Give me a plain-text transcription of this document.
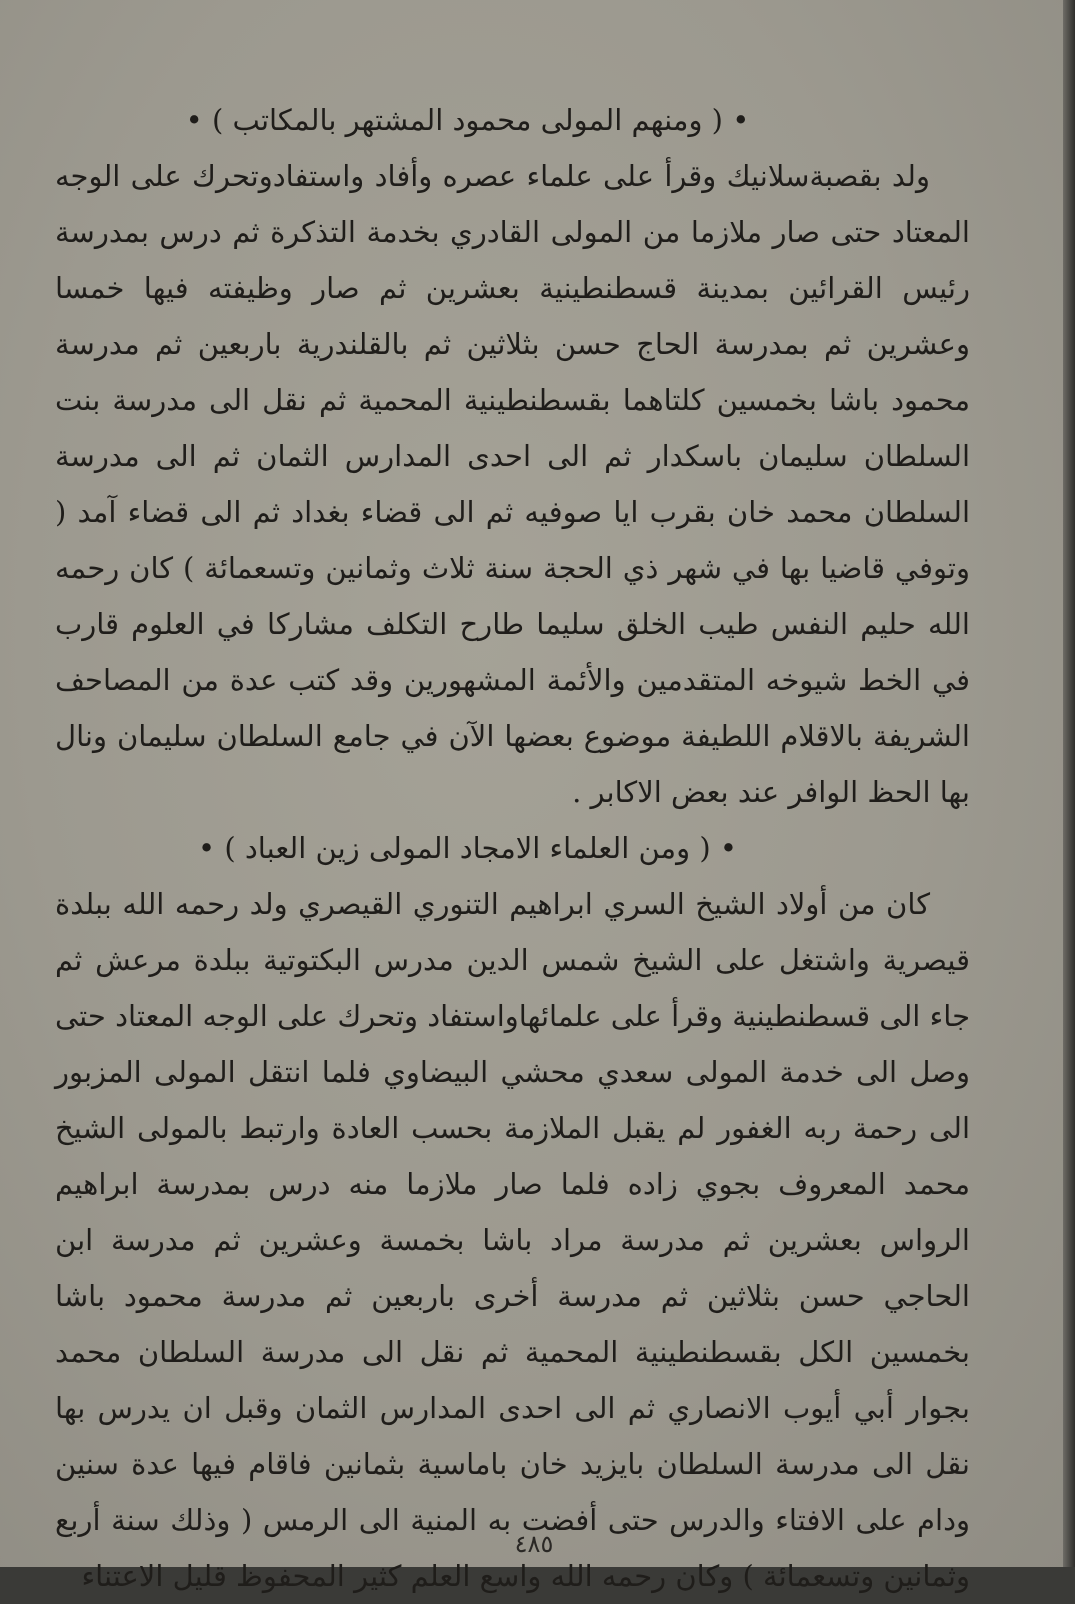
• ( ومنهم المولى محمود المشتهر بالمكاتب ) •

ولد بقصبةسلانيك وقرأ على علماء عصره وأفاد واستفادوتحرك على الوجه المعتاد حتى صار ملازما من المولى القادري بخدمة التذكرة ثم درس بمدرسة رئيس القرائين بمدينة قسطنطينية بعشرين ثم صار وظيفته فيها خمسا وعشرين ثم بمدرسة الحاج حسن بثلاثين ثم بالقلندرية باربعين ثم مدرسة محمود باشا بخمسين كلتاهما بقسطنطينية المحمية ثم نقل الى مدرسة بنت السلطان سليمان باسكدار ثم الى احدى المدارس الثمان ثم الى مدرسة السلطان محمد خان بقرب ايا صوفيه ثم الى قضاء بغداد ثم الى قضاء آمد ( وتوفي قاضيا بها في شهر ذي الحجة سنة ثلاث وثمانين وتسعمائة ) كان رحمه الله حليم النفس طيب الخلق سليما طارح التكلف مشاركا في العلوم قارب في الخط شيوخه المتقدمين والأئمة المشهورين وقد كتب عدة من المصاحف الشريفة بالاقلام اللطيفة موضوع بعضها الآن في جامع السلطان سليمان ونال بها الحظ الوافر عند بعض الاكابر .

• ( ومن العلماء الامجاد المولى زين العباد ) •

كان من أولاد الشيخ السري ابراهيم التنوري القيصري ولد رحمه الله ببلدة قيصرية واشتغل على الشيخ شمس الدين مدرس البكتوتية ببلدة مرعش ثم جاء الى قسطنطينية وقرأ على علمائهاواستفاد وتحرك على الوجه المعتاد حتى وصل الى خدمة المولى سعدي محشي البيضاوي فلما انتقل المولى المزبور الى رحمة ربه الغفور لم يقبل الملازمة بحسب العادة وارتبط بالمولى الشيخ محمد المعروف بجوي زاده فلما صار ملازما منه درس بمدرسة ابراهيم الرواس بعشرين ثم مدرسة مراد باشا بخمسة وعشرين ثم مدرسة ابن الحاجي حسن بثلاثين ثم مدرسة أخرى باربعين ثم مدرسة محمود باشا بخمسين الكل بقسطنطينية المحمية ثم نقل الى مدرسة السلطان محمد بجوار أبي أيوب الانصاري ثم الى احدى المدارس الثمان وقبل ان يدرس بها نقل الى مدرسة السلطان بايزيد خان باماسية بثمانين فاقام فيها عدة سنين ودام على الافتاء والدرس حتى أفضت به المنية الى الرمس ( وذلك سنة أربع وثمانين وتسعمائة ) وكان رحمه الله واسع العلم كثير المحفوظ قليل الاعتناء

٤٨٥
